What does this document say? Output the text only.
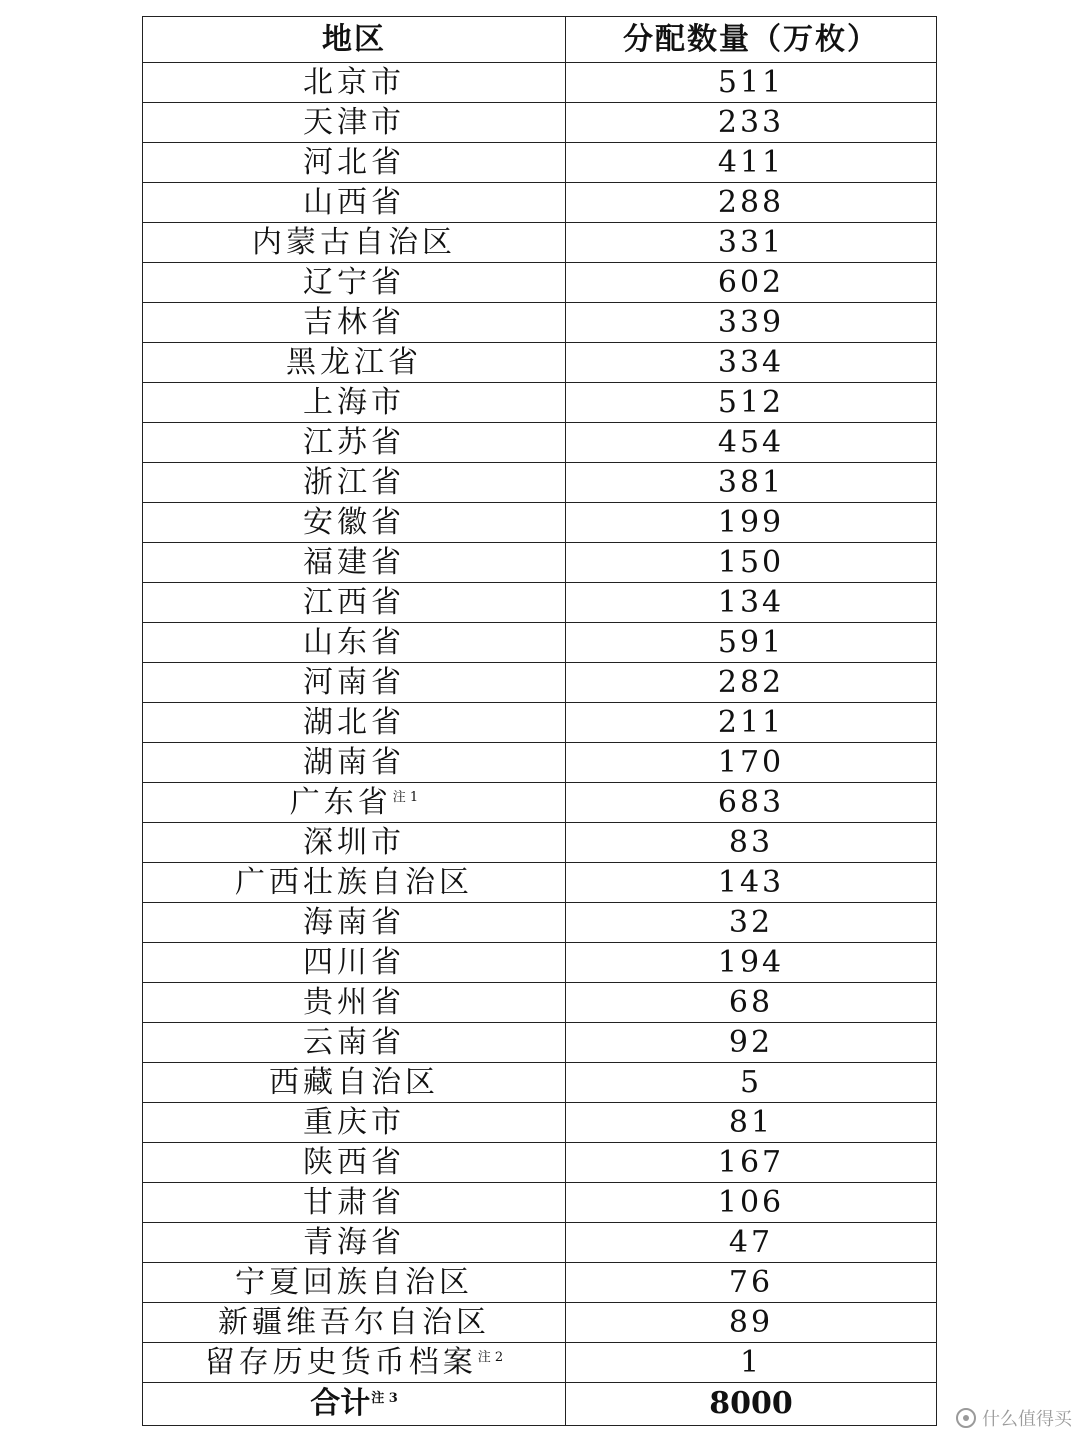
地区	分配数量（万枚）
北京市	511
天津市	233
河北省	411
山西省	288
内蒙古自治区	331
辽宁省	602
吉林省	339
黑龙江省	334
上海市	512
江苏省	454
浙江省	381
安徽省	199
福建省	150
江西省	134
山东省	591
河南省	282
湖北省	211
湖南省	170
广东省$^{注 1}$	683
深圳市	83
广西壮族自治区	143
海南省	32
四川省	194
贵州省	68
云南省	92
西藏自治区	5
重庆市	81
陕西省	167
甘肃省	106
青海省	47
宁夏回族自治区	76
新疆维吾尔自治区	89
留存历史货币档案$^{注 2}$	1
合计$^{注 3}$	8000	什么值得买
